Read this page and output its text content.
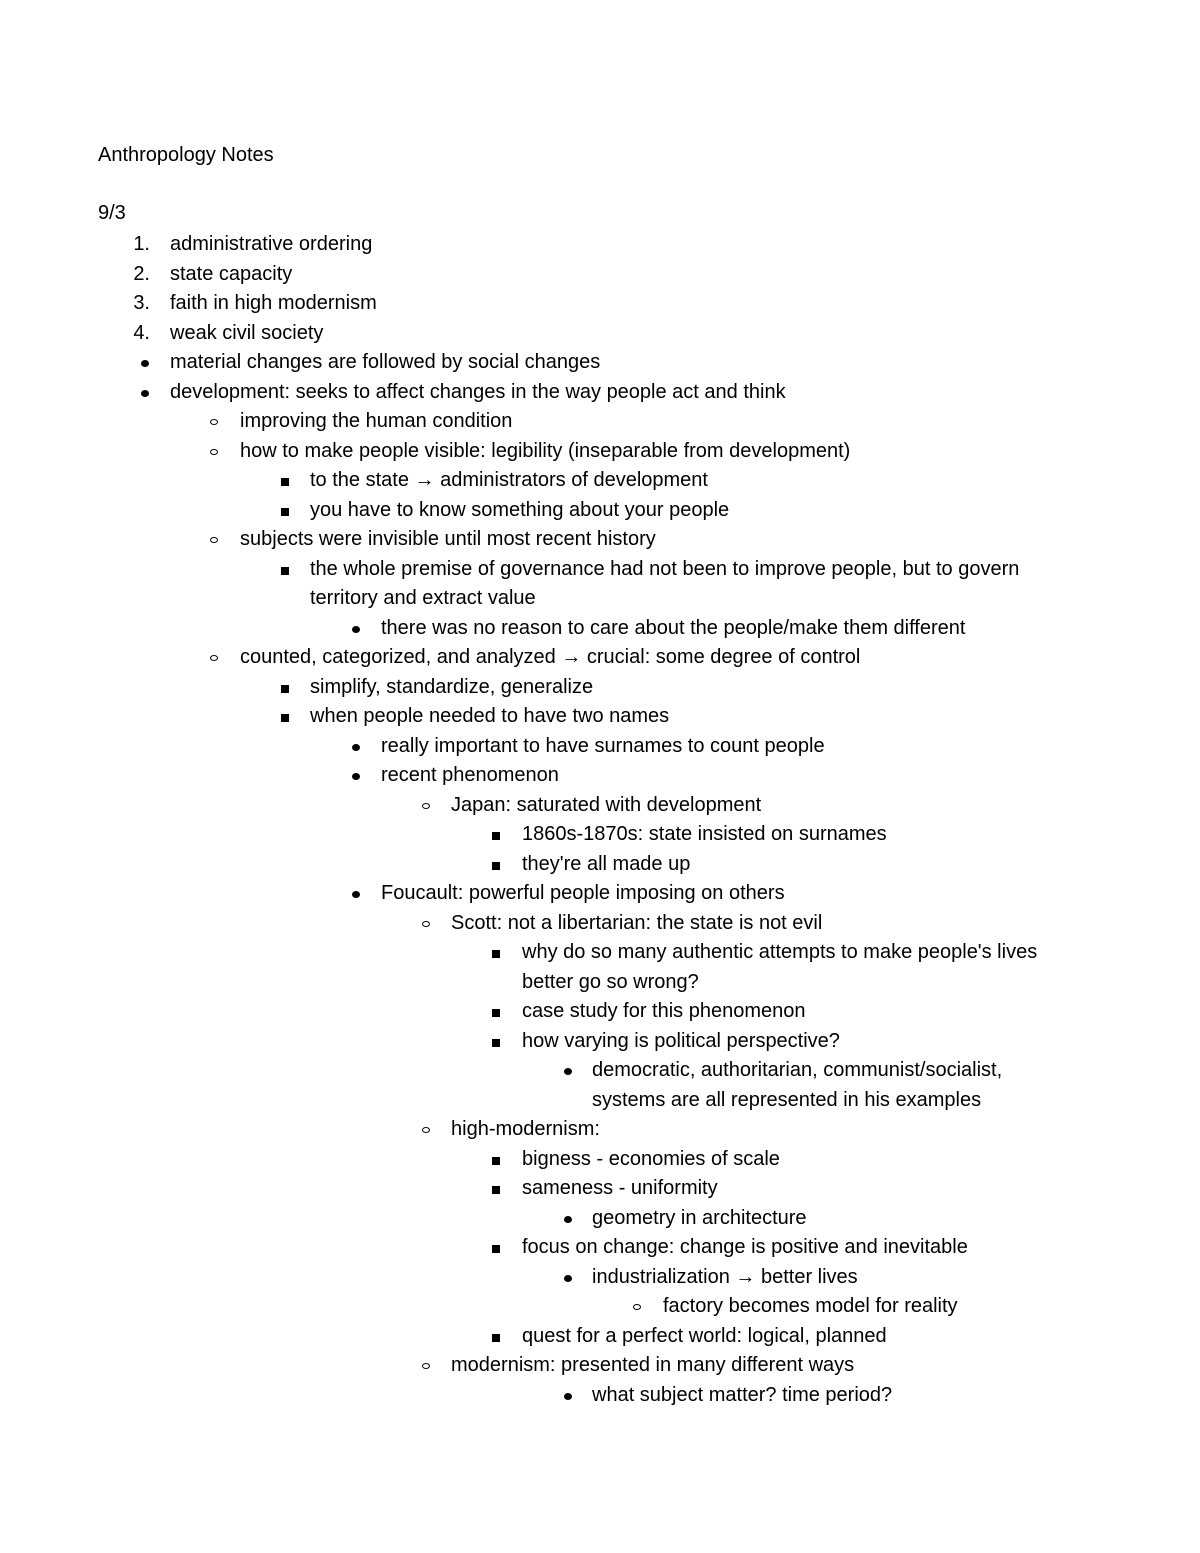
Anthropology Notes
9/3
1. administrative ordering
2. state capacity
3. faith in high modernism
4. weak civil society
material changes are followed by social changes
development: seeks to affect changes in the way people act and think
improving the human condition
how to make people visible: legibility (inseparable from development)
to the state → administrators of development
you have to know something about your people
subjects were invisible until most recent history
the whole premise of governance had not been to improve people, but to govern
territory and extract value
there was no reason to care about the people/make them different
counted, categorized, and analyzed → crucial: some degree of control
simplify, standardize, generalize
when people needed to have two names
really important to have surnames to count people
recent phenomenon
Japan: saturated with development
1860s-1870s: state insisted on surnames
they're all made up
Foucault: powerful people imposing on others
Scott: not a libertarian: the state is not evil
why do so many authentic attempts to make people's lives
better go so wrong?
case study for this phenomenon
how varying is political perspective?
democratic, authoritarian, communist/socialist,
systems are all represented in his examples
high-modernism:
bigness - economies of scale
sameness - uniformity
geometry in architecture
focus on change: change is positive and inevitable
industrialization → better lives
factory becomes model for reality
quest for a perfect world: logical, planned
modernism: presented in many different ways
what subject matter? time period?
